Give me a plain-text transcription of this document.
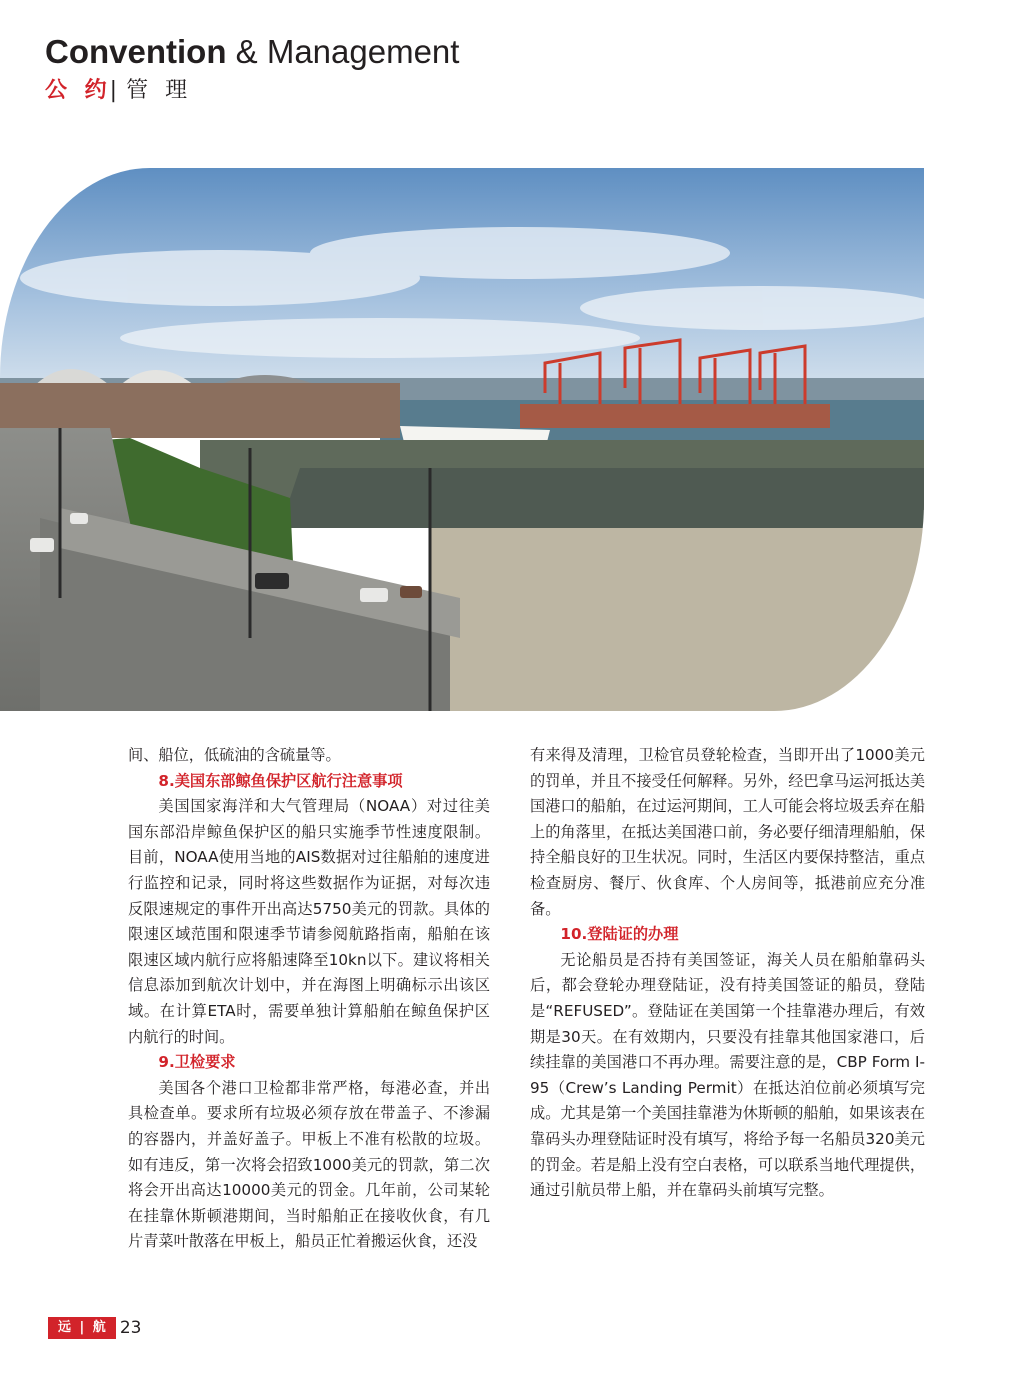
Convention & Management
公 约| 管 理

间、船位，低硫油的含硫量等。

8.美国东部鲸鱼保护区航行注意事项

美国国家海洋和大气管理局（NOAA）对过往美国东部沿岸鲸鱼保护区的船只实施季节性速度限制。目前，NOAA使用当地的AIS数据对过往船舶的速度进行监控和记录，同时将这些数据作为证据，对每次违反限速规定的事件开出高达5750美元的罚款。具体的限速区域范围和限速季节请参阅航路指南，船舶在该限速区域内航行应将船速降至10kn以下。建议将相关信息添加到航次计划中，并在海图上明确标示出该区域。在计算ETA时，需要单独计算船舶在鲸鱼保护区内航行的时间。

9.卫检要求

美国各个港口卫检都非常严格，每港必查，并出具检查单。要求所有垃圾必须存放在带盖子、不渗漏的容器内，并盖好盖子。甲板上不准有松散的垃圾。如有违反，第一次将会招致1000美元的罚款，第二次将会开出高达10000美元的罚金。几年前，公司某轮在挂靠休斯顿港期间，当时船舶正在接收伙食，有几片青菜叶散落在甲板上，船员正忙着搬运伙食，还没

有来得及清理，卫检官员登轮检查，当即开出了1000美元的罚单，并且不接受任何解释。另外，经巴拿马运河抵达美国港口的船舶，在过运河期间，工人可能会将垃圾丢弃在船上的角落里，在抵达美国港口前，务必要仔细清理船舶，保持全船良好的卫生状况。同时，生活区内要保持整洁，重点检查厨房、餐厅、伙食库、个人房间等，抵港前应充分准备。

10.登陆证的办理

无论船员是否持有美国签证，海关人员在船舶靠码头后，都会登轮办理登陆证，没有持美国签证的船员，登陆是“REFUSED”。登陆证在美国第一个挂靠港办理后，有效期是30天。在有效期内，只要没有挂靠其他国家港口，后续挂靠的美国港口不再办理。需要注意的是，CBP Form I-95（Crew’s Landing Permit）在抵达泊位前必须填写完成。尤其是第一个美国挂靠港为休斯顿的船舶，如果该表在靠码头办理登陆证时没有填写，将给予每一名船员320美元的罚金。若是船上没有空白表格，可以联系当地代理提供，通过引航员带上船，并在靠码头前填写完整。

远 | 航 23
